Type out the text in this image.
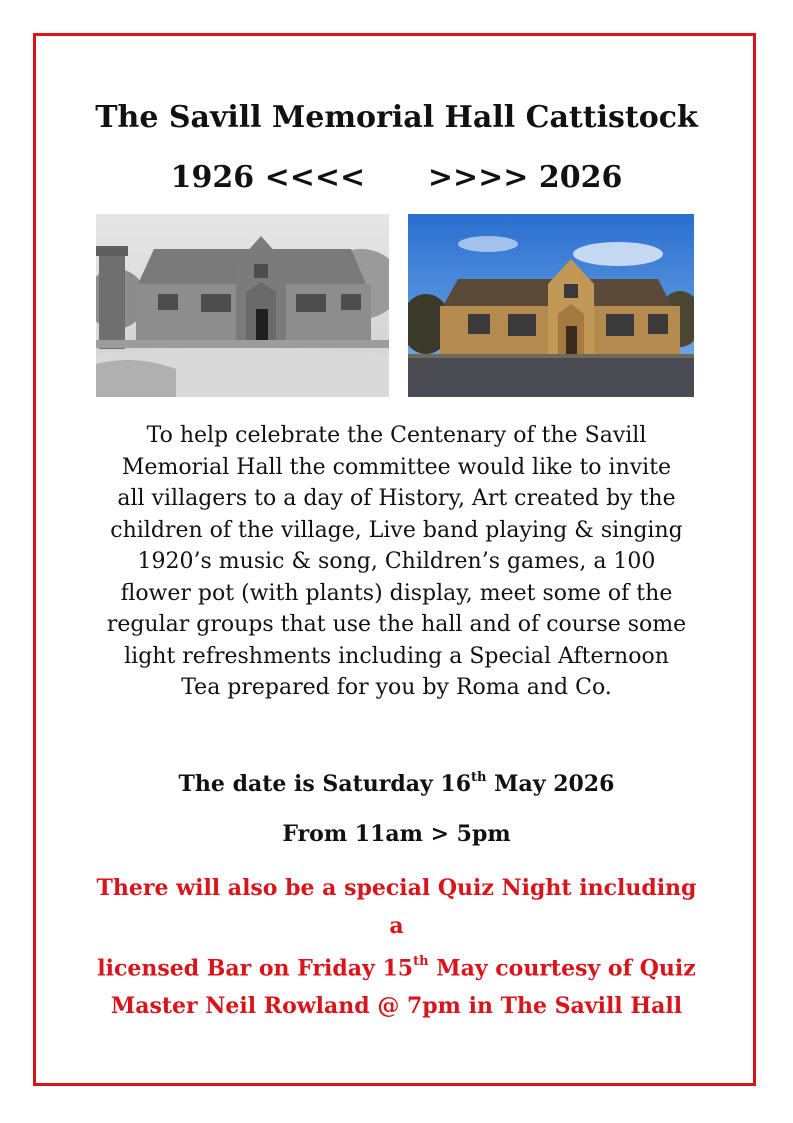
The Savill Memorial Hall Cattistock
1926 <<<<      >>>> 2026
To help celebrate the Centenary of the Savill
Memorial Hall the committee would like to invite
all villagers to a day of History, Art created by the
children of the village, Live band playing & singing
1920’s music & song, Children’s games, a 100
flower pot (with plants) display, meet some of the
regular groups that use the hall and of course some
light refreshments including a Special Afternoon
Tea prepared for you by Roma and Co.
The date is Saturday 16th May 2026
From 11am > 5pm
There will also be a special Quiz Night including a
licensed Bar on Friday 15th May courtesy of Quiz
Master Neil Rowland @ 7pm in The Savill Hall
